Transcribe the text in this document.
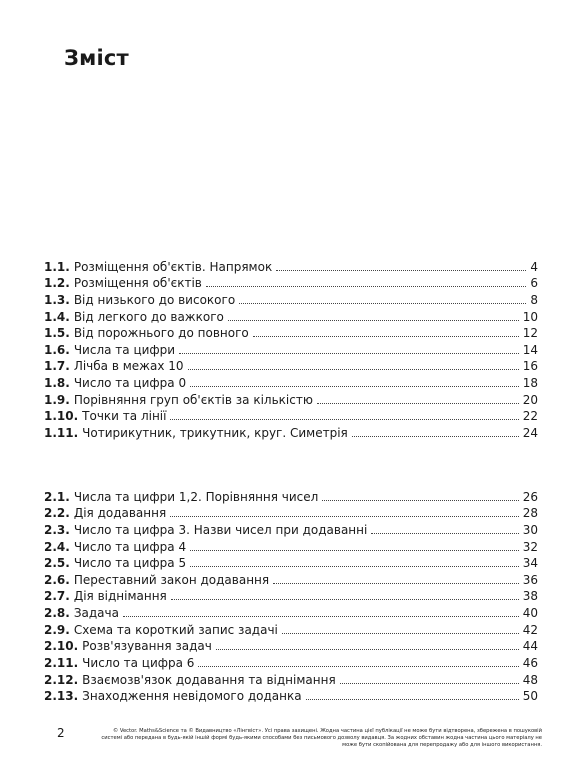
Зміст
1.1. Розміщення об'єктів. Напрямок	4
1.2. Розміщення об'єктів	6
1.3. Від низького до високого	8
1.4. Від легкого до важкого	10
1.5. Від порожнього до повного	12
1.6. Числа та цифри	14
1.7. Лічба в межах 10	16
1.8. Число та цифра 0	18
1.9. Порівняння груп об'єктів за кількістю	20
1.10. Точки та лінії	22
1.11. Чотирикутник, трикутник, круг. Симетрія	24
2.1. Числа та цифри 1,2. Порівняння чисел	26
2.2. Дія додавання	28
2.3. Число та цифра 3. Назви чисел при додаванні	30
2.4. Число та цифра 4	32
2.5. Число та цифра 5	34
2.6. Переставний закон додавання	36
2.7. Дія віднімання	38
2.8. Задача	40
2.9. Схема та короткий запис задачі	42
2.10. Розв'язування задач	44
2.11. Число та цифра 6	46
2.12. Взаємозв'язок додавання та віднімання	48
2.13. Знаходження невідомого доданка	50

2	© Vector. Maths&Science та © Видавництво «Лінгвіст». Усі права захищені. Жодна частина цієї публікації не може бути відтворена, збережена в пошуковій системі або передана в будь-якій іншій формі будь-якими способами без письмового дозволу видавця. За жодних обставин жодна частина цього матеріалу не може бути скопійована для перепродажу або для іншого використання.
